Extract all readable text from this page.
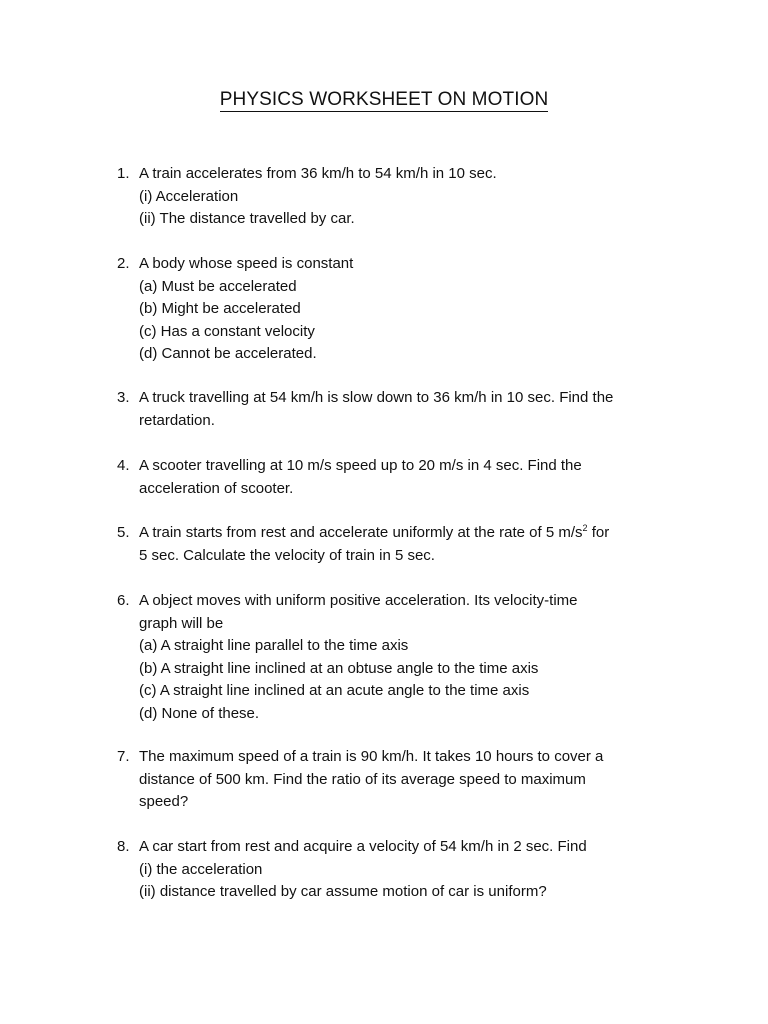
PHYSICS WORKSHEET ON MOTION
1. A train accelerates from 36 km/h to 54 km/h in 10 sec.
(i) Acceleration
(ii) The distance travelled by car.
2. A body whose speed is constant
(a) Must be accelerated
(b) Might be accelerated
(c) Has a constant velocity
(d) Cannot be accelerated.
3. A truck travelling at 54 km/h is slow down to 36 km/h in 10 sec. Find the
retardation.
4. A scooter travelling at 10 m/s speed up to 20 m/s in 4 sec. Find the
acceleration of scooter.
5. A train starts from rest and accelerate uniformly at the rate of 5 $m/s^2$ for
5 sec. Calculate the velocity of train in 5 sec.
6. A object moves with uniform positive acceleration. Its velocity-time
graph will be
(a) A straight line parallel to the time axis
(b) A straight line inclined at an obtuse angle to the time axis
(c) A straight line inclined at an acute angle to the time axis
(d) None of these.
7. The maximum speed of a train is 90 km/h. It takes 10 hours to cover a
distance of 500 km. Find the ratio of its average speed to maximum
speed?
8. A car start from rest and acquire a velocity of 54 km/h in 2 sec. Find
(i) the acceleration
(ii) distance travelled by car assume motion of car is uniform?
